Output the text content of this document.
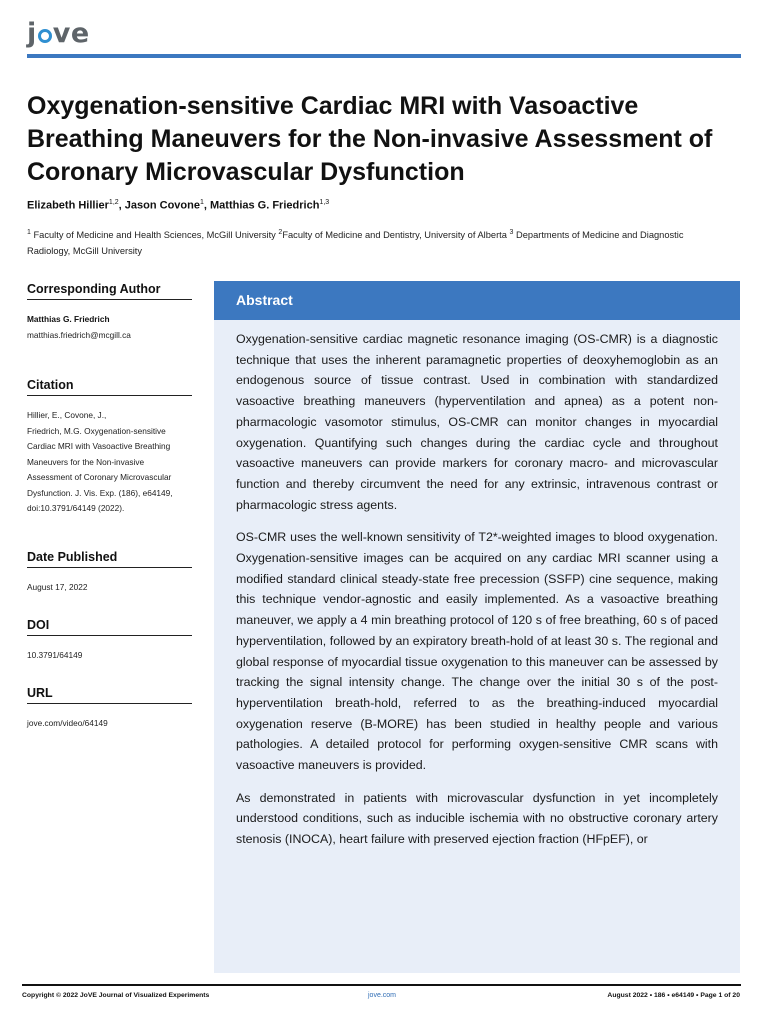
j ve
Oxygenation-sensitive Cardiac MRI with Vasoactive Breathing Maneuvers for the Non-invasive Assessment of Coronary Microvascular Dysfunction
Elizabeth Hillier$^{1,2}$, Jason Covone$^1$, Matthias G. Friedrich$^{1,3}$
$^1$ Faculty of Medicine and Health Sciences, McGill University $^2$Faculty of Medicine and Dentistry, University of Alberta $^3$ Departments of Medicine and Diagnostic Radiology, McGill University
Corresponding Author
Matthias G. Friedrich
matthias.friedrich@mcgill.ca
Citation
Hillier, E., Covone, J.,
Friedrich, M.G. Oxygenation-sensitive
Cardiac MRI with Vasoactive Breathing
Maneuvers for the Non-invasive
Assessment of Coronary Microvascular
Dysfunction. J. Vis. Exp. (186), e64149,
doi:10.3791/64149 (2022).
Date Published
August 17, 2022
DOI
10.3791/64149
URL
jove.com/video/64149
Abstract

Oxygenation-sensitive cardiac magnetic resonance imaging (OS-CMR) is a diagnostic technique that uses the inherent paramagnetic properties of deoxyhemoglobin as an endogenous source of tissue contrast. Used in combination with standardized vasoactive breathing maneuvers (hyperventilation and apnea) as a potent non-pharmacologic vasomotor stimulus, OS-CMR can monitor changes in myocardial oxygenation. Quantifying such changes during the cardiac cycle and throughout vasoactive maneuvers can provide markers for coronary macro- and microvascular function and thereby circumvent the need for any extrinsic, intravenous contrast or pharmacologic stress agents.

OS-CMR uses the well-known sensitivity of T2*-weighted images to blood oxygenation. Oxygenation-sensitive images can be acquired on any cardiac MRI scanner using a modified standard clinical steady-state free precession (SSFP) cine sequence, making this technique vendor-agnostic and easily implemented. As a vasoactive breathing maneuver, we apply a 4 min breathing protocol of 120 s of free breathing, 60 s of paced hyperventilation, followed by an expiratory breath-hold of at least 30 s. The regional and global response of myocardial tissue oxygenation to this maneuver can be assessed by tracking the signal intensity change. The change over the initial 30 s of the post-hyperventilation breath-hold, referred to as the breathing-induced myocardial oxygenation reserve (B-MORE) has been studied in healthy people and various pathologies. A detailed protocol for performing oxygen-sensitive CMR scans with vasoactive maneuvers is provided.

As demonstrated in patients with microvascular dysfunction in yet incompletely understood conditions, such as inducible ischemia with no obstructive coronary artery stenosis (INOCA), heart failure with preserved ejection fraction (HFpEF), or

Copyright © 2022 JoVE Journal of Visualized Experiments	jove.com	August 2022 • 186 • e64149 • Page 1 of 20
